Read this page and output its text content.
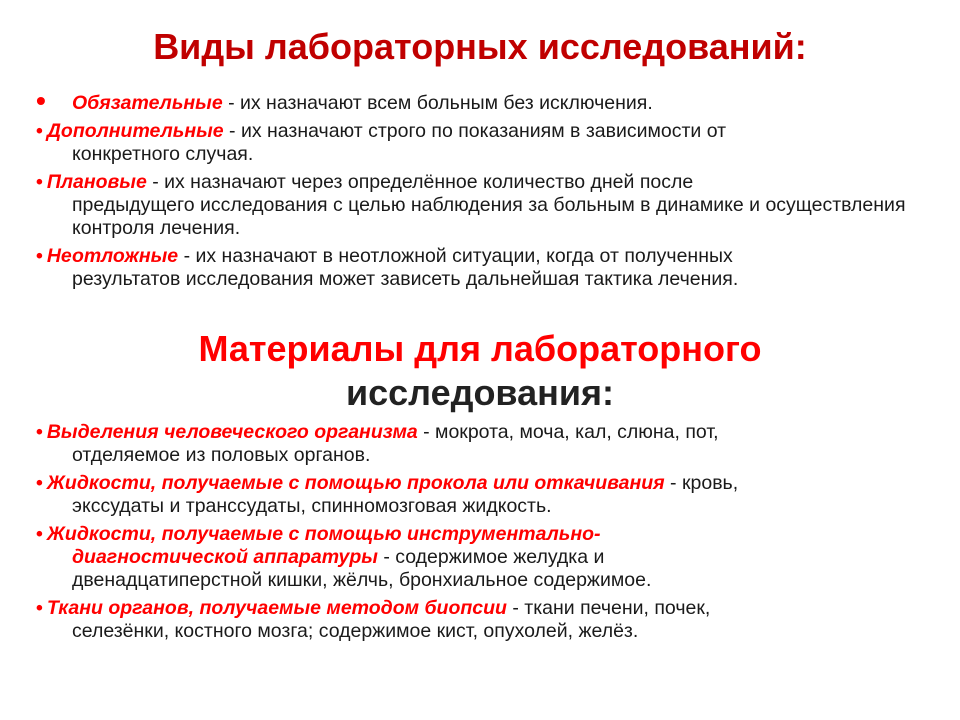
Виды лабораторных исследований:
•	Обязательные - их назначают всем больным без исключения.
• Дополнительные - их назначают строго по показаниям в зависимости от
конкретного случая.
• Плановые - их назначают через определённое количество дней после
предыдущего исследования с целью наблюдения за больным в динамике и осуществления контроля лечения.
• Неотложные - их назначают в неотложной ситуации, когда от полученных
результатов исследования может зависеть дальнейшая тактика лечения.
Материалы для лабораторного
исследования:
• Выделения человеческого организма - мокрота, моча, кал, слюна, пот,
отделяемое из половых органов.
• Жидкости, получаемые с помощью прокола или откачивания - кровь,
экссудаты и транссудаты, спинномозговая жидкость.
• Жидкости, получаемые с помощью инструментально-
диагностической аппаратуры - содержимое желудка и
двенадцатиперстной кишки, жёлчь, бронхиальное содержимое.
• Ткани органов, получаемые методом биопсии - ткани печени, почек,
селезёнки, костного мозга; содержимое кист, опухолей, желёз.
